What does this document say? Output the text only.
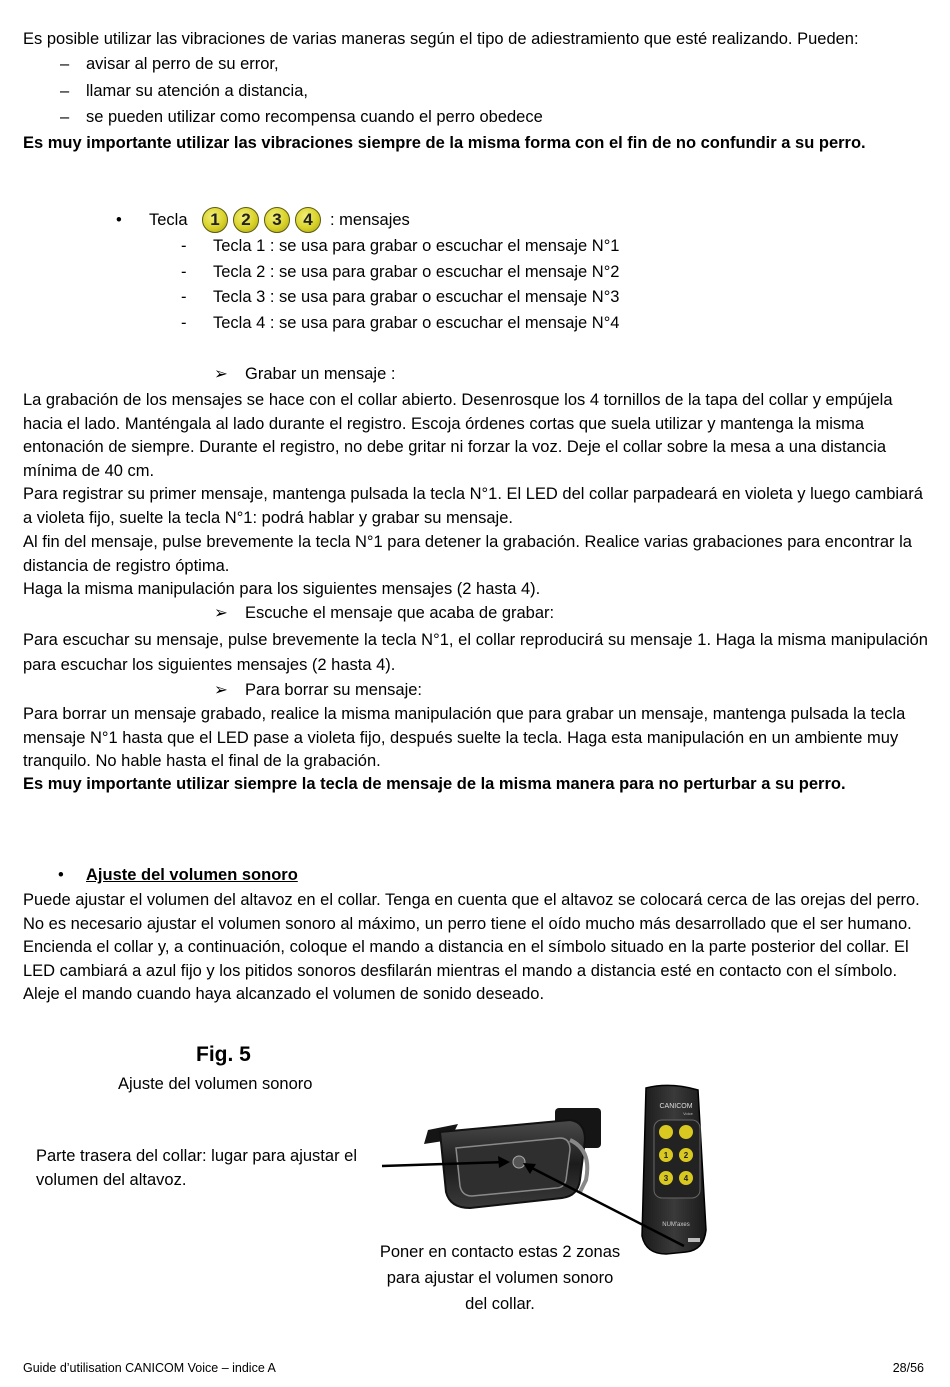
Es posible utilizar las vibraciones de varias maneras según el tipo de adiestramiento que esté realizando. Pueden:
– avisar al perro de su error,
– llamar su atención a distancia,
– se pueden utilizar como recompensa cuando el perro obedece
Es muy importante utilizar las vibraciones siempre de la misma forma con el fin de no confundir a su perro.
• Tecla	1 2 3 4	: mensajes
- Tecla 1 : se usa para grabar o escuchar el mensaje N°1
- Tecla 2 : se usa para grabar o escuchar el mensaje N°2
- Tecla 3 : se usa para grabar o escuchar el mensaje N°3
- Tecla 4 : se usa para grabar o escuchar el mensaje N°4
➢ Grabar un mensaje :
La grabación de los mensajes se hace con el collar abierto. Desenrosque los 4 tornillos de la tapa del collar y empújela hacia el lado. Manténgala al lado durante el registro. Escoja órdenes cortas que suela utilizar y mantenga la misma entonación de siempre. Durante el registro, no debe gritar ni forzar la voz. Deje el collar sobre la mesa a una distancia mínima de 40 cm.
Para registrar su primer mensaje, mantenga pulsada la tecla N°1. El LED del collar parpadeará en violeta y luego cambiará a violeta fijo, suelte la tecla N°1: podrá hablar y grabar su mensaje.
Al fin del mensaje, pulse brevemente la tecla N°1 para detener la grabación. Realice varias grabaciones para encontrar la distancia de registro óptima.
Haga la misma manipulación para los siguientes mensajes (2 hasta 4).
➢ Escuche el mensaje que acaba de grabar:
Para escuchar su mensaje, pulse brevemente la tecla N°1, el collar reproducirá su mensaje 1. Haga la misma manipulación para escuchar los siguientes mensajes (2 hasta 4).
➢ Para borrar su mensaje:
Para borrar un mensaje grabado, realice la misma manipulación que para grabar un mensaje, mantenga pulsada la tecla mensaje N°1 hasta que el LED pase a violeta fijo, después suelte la tecla. Haga esta manipulación en un ambiente muy tranquilo. No hable hasta el final de la grabación.
Es muy importante utilizar siempre la tecla de mensaje de la misma manera para no perturbar a su perro.
• Ajuste del volumen sonoro
Puede ajustar el volumen del altavoz en el collar. Tenga en cuenta que el altavoz se colocará cerca de las orejas del perro. No es necesario ajustar el volumen sonoro al máximo, un perro tiene el oído mucho más desarrollado que el ser humano. Encienda el collar y, a continuación, coloque el mando a distancia en el símbolo situado en la parte posterior del collar. El LED cambiará a azul fijo y los pitidos sonoros desfilarán mientras el mando a distancia esté en contacto con el símbolo. Aleje el mando cuando haya alcanzado el volumen de sonido deseado.
Fig. 5
Ajuste del volumen sonoro
Parte trasera del collar: lugar para ajustar el volumen del altavoz.
Poner en contacto estas 2 zonas para ajustar el volumen sonoro del collar.
CANICOM
Voice
1 2
3 4
NUM'axes
Guide d’utilisation CANICOM Voice – indice A	28/56
